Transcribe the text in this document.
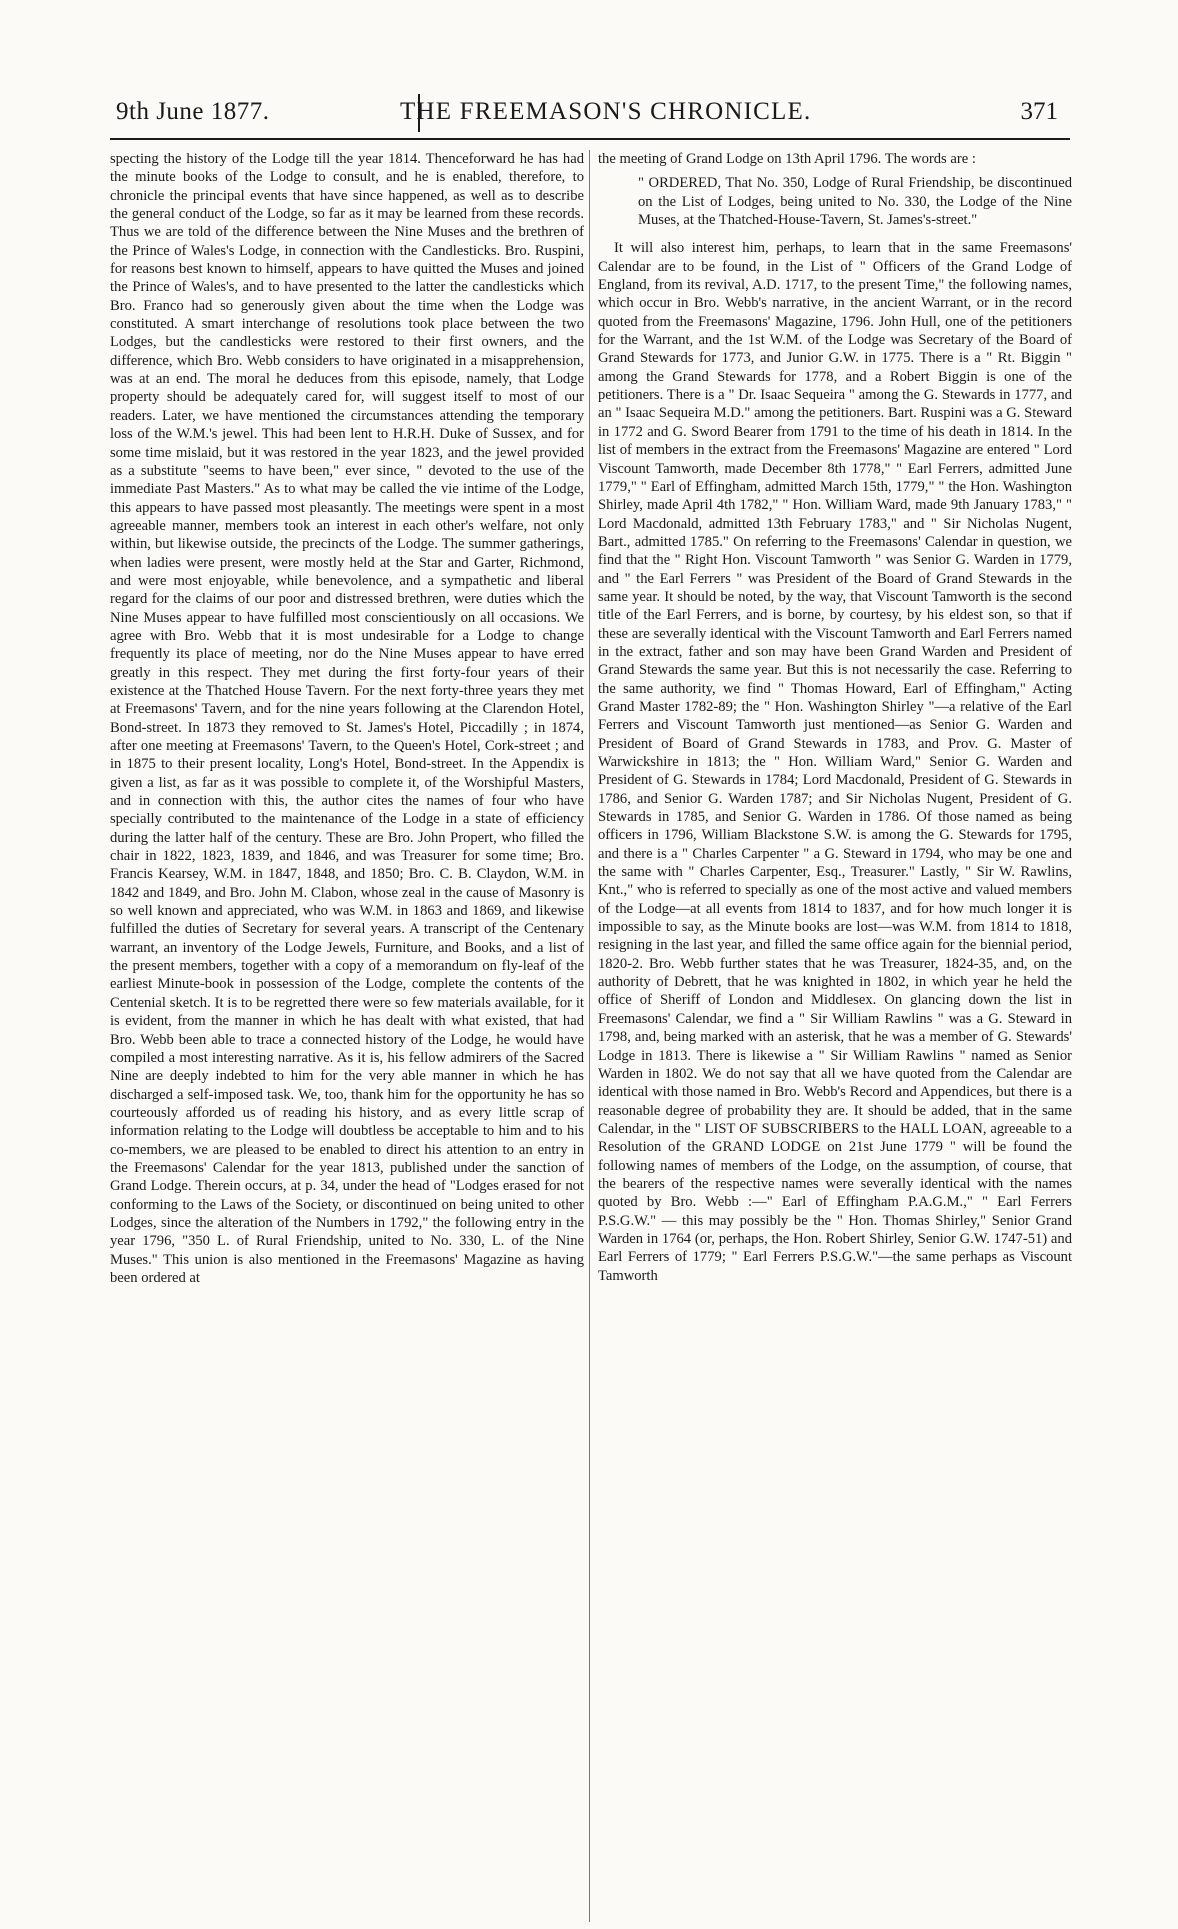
9th June 1877.	THE FREEMASON'S CHRONICLE.	371

specting the history of the Lodge till the year 1814. Thenceforward he has had the minute books of the Lodge to consult, and he is enabled, therefore, to chronicle the principal events that have since happened, as well as to describe the general conduct of the Lodge, so far as it may be learned from these records. Thus we are told of the difference between the Nine Muses and the brethren of the Prince of Wales's Lodge, in connection with the Candlesticks. Bro. Ruspini, for reasons best known to himself, appears to have quitted the Muses and joined the Prince of Wales's, and to have presented to the latter the candlesticks which Bro. Franco had so generously given about the time when the Lodge was constituted. A smart interchange of resolutions took place between the two Lodges, but the candlesticks were restored to their first owners, and the difference, which Bro. Webb considers to have originated in a misapprehension, was at an end. The moral he deduces from this episode, namely, that Lodge property should be adequately cared for, will suggest itself to most of our readers. Later, we have mentioned the circumstances attending the temporary loss of the W.M.'s jewel. This had been lent to H.R.H. Duke of Sussex, and for some time mislaid, but it was restored in the year 1823, and the jewel provided as a substitute "seems to have been," ever since, " devoted to the use of the immediate Past Masters." As to what may be called the vie intime of the Lodge, this appears to have passed most pleasantly. The meetings were spent in a most agreeable manner, members took an interest in each other's welfare, not only within, but likewise outside, the precincts of the Lodge. The summer gatherings, when ladies were present, were mostly held at the Star and Garter, Richmond, and were most enjoyable, while benevolence, and a sympathetic and liberal regard for the claims of our poor and distressed brethren, were duties which the Nine Muses appear to have fulfilled most conscientiously on all occasions. We agree with Bro. Webb that it is most undesirable for a Lodge to change frequently its place of meeting, nor do the Nine Muses appear to have erred greatly in this respect. They met during the first forty-four years of their existence at the Thatched House Tavern. For the next forty-three years they met at Freemasons' Tavern, and for the nine years following at the Clarendon Hotel, Bond-street. In 1873 they removed to St. James's Hotel, Piccadilly ; in 1874, after one meeting at Freemasons' Tavern, to the Queen's Hotel, Cork-street ; and in 1875 to their present locality, Long's Hotel, Bond-street. In the Appendix is given a list, as far as it was possible to complete it, of the Worshipful Masters, and in connection with this, the author cites the names of four who have specially contributed to the maintenance of the Lodge in a state of efficiency during the latter half of the century. These are Bro. John Propert, who filled the chair in 1822, 1823, 1839, and 1846, and was Treasurer for some time; Bro. Francis Kearsey, W.M. in 1847, 1848, and 1850; Bro. C. B. Claydon, W.M. in 1842 and 1849, and Bro. John M. Clabon, whose zeal in the cause of Masonry is so well known and appreciated, who was W.M. in 1863 and 1869, and likewise fulfilled the duties of Secretary for several years. A transcript of the Centenary warrant, an inventory of the Lodge Jewels, Furniture, and Books, and a list of the present members, together with a copy of a memorandum on fly-leaf of the earliest Minute-book in possession of the Lodge, complete the contents of the Centenial sketch. It is to be regretted there were so few materials available, for it is evident, from the manner in which he has dealt with what existed, that had Bro. Webb been able to trace a connected history of the Lodge, he would have compiled a most interesting narrative. As it is, his fellow admirers of the Sacred Nine are deeply indebted to him for the very able manner in which he has discharged a self-imposed task. We, too, thank him for the opportunity he has so courteously afforded us of reading his history, and as every little scrap of information relating to the Lodge will doubtless be acceptable to him and to his co-members, we are pleased to be enabled to direct his attention to an entry in the Freemasons' Calendar for the year 1813, published under the sanction of Grand Lodge. Therein occurs, at p. 34, under the head of "Lodges erased for not conforming to the Laws of the Society, or discontinued on being united to other Lodges, since the alteration of the Numbers in 1792," the following entry in the year 1796, "350 L. of Rural Friendship, united to No. 330, L. of the Nine Muses." This union is also mentioned in the Freemasons' Magazine as having been ordered at

the meeting of Grand Lodge on 13th April 1796. The words are :

" ORDERED, That No. 350, Lodge of Rural Friendship, be discontinued on the List of Lodges, being united to No. 330, the Lodge of the Nine Muses, at the Thatched-House-Tavern, St. James's-street."

It will also interest him, perhaps, to learn that in the same Freemasons' Calendar are to be found, in the List of " Officers of the Grand Lodge of England, from its revival, A.D. 1717, to the present Time," the following names, which occur in Bro. Webb's narrative, in the ancient Warrant, or in the record quoted from the Freemasons' Magazine, 1796. John Hull, one of the petitioners for the Warrant, and the 1st W.M. of the Lodge was Secretary of the Board of Grand Stewards for 1773, and Junior G.W. in 1775. There is a " Rt. Biggin " among the Grand Stewards for 1778, and a Robert Biggin is one of the petitioners. There is a " Dr. Isaac Sequeira " among the G. Stewards in 1777, and an " Isaac Sequeira M.D." among the petitioners. Bart. Ruspini was a G. Steward in 1772 and G. Sword Bearer from 1791 to the time of his death in 1814. In the list of members in the extract from the Freemasons' Magazine are entered " Lord Viscount Tamworth, made December 8th 1778," " Earl Ferrers, admitted June 1779," " Earl of Effingham, admitted March 15th, 1779," " the Hon. Washington Shirley, made April 4th 1782," " Hon. William Ward, made 9th January 1783," " Lord Macdonald, admitted 13th February 1783," and " Sir Nicholas Nugent, Bart., admitted 1785." On referring to the Freemasons' Calendar in question, we find that the " Right Hon. Viscount Tamworth " was Senior G. Warden in 1779, and " the Earl Ferrers " was President of the Board of Grand Stewards in the same year. It should be noted, by the way, that Viscount Tamworth is the second title of the Earl Ferrers, and is borne, by courtesy, by his eldest son, so that if these are severally identical with the Viscount Tamworth and Earl Ferrers named in the extract, father and son may have been Grand Warden and President of Grand Stewards the same year. But this is not necessarily the case. Referring to the same authority, we find " Thomas Howard, Earl of Effingham," Acting Grand Master 1782-89; the " Hon. Washington Shirley "—a relative of the Earl Ferrers and Viscount Tamworth just mentioned—as Senior G. Warden and President of Board of Grand Stewards in 1783, and Prov. G. Master of Warwickshire in 1813; the " Hon. William Ward," Senior G. Warden and President of G. Stewards in 1784; Lord Macdonald, President of G. Stewards in 1786, and Senior G. Warden 1787; and Sir Nicholas Nugent, President of G. Stewards in 1785, and Senior G. Warden in 1786. Of those named as being officers in 1796, William Blackstone S.W. is among the G. Stewards for 1795, and there is a " Charles Carpenter " a G. Steward in 1794, who may be one and the same with " Charles Carpenter, Esq., Treasurer." Lastly, " Sir W. Rawlins, Knt.," who is referred to specially as one of the most active and valued members of the Lodge—at all events from 1814 to 1837, and for how much longer it is impossible to say, as the Minute books are lost—was W.M. from 1814 to 1818, resigning in the last year, and filled the same office again for the biennial period, 1820-2. Bro. Webb further states that he was Treasurer, 1824-35, and, on the authority of Debrett, that he was knighted in 1802, in which year he held the office of Sheriff of London and Middlesex. On glancing down the list in Freemasons' Calendar, we find a " Sir William Rawlins " was a G. Steward in 1798, and, being marked with an asterisk, that he was a member of G. Stewards' Lodge in 1813. There is likewise a " Sir William Rawlins " named as Senior Warden in 1802. We do not say that all we have quoted from the Calendar are identical with those named in Bro. Webb's Record and Appendices, but there is a reasonable degree of probability they are. It should be added, that in the same Calendar, in the " LIST OF SUBSCRIBERS to the HALL LOAN, agreeable to a Resolution of the GRAND LODGE on 21st June 1779 " will be found the following names of members of the Lodge, on the assumption, of course, that the bearers of the respective names were severally identical with the names quoted by Bro. Webb :—" Earl of Effingham P.A.G.M.," " Earl Ferrers P.S.G.W." — this may possibly be the " Hon. Thomas Shirley," Senior Grand Warden in 1764 (or, perhaps, the Hon. Robert Shirley, Senior G.W. 1747-51) and Earl Ferrers of 1779; " Earl Ferrers P.S.G.W."—the same perhaps as Viscount Tamworth
